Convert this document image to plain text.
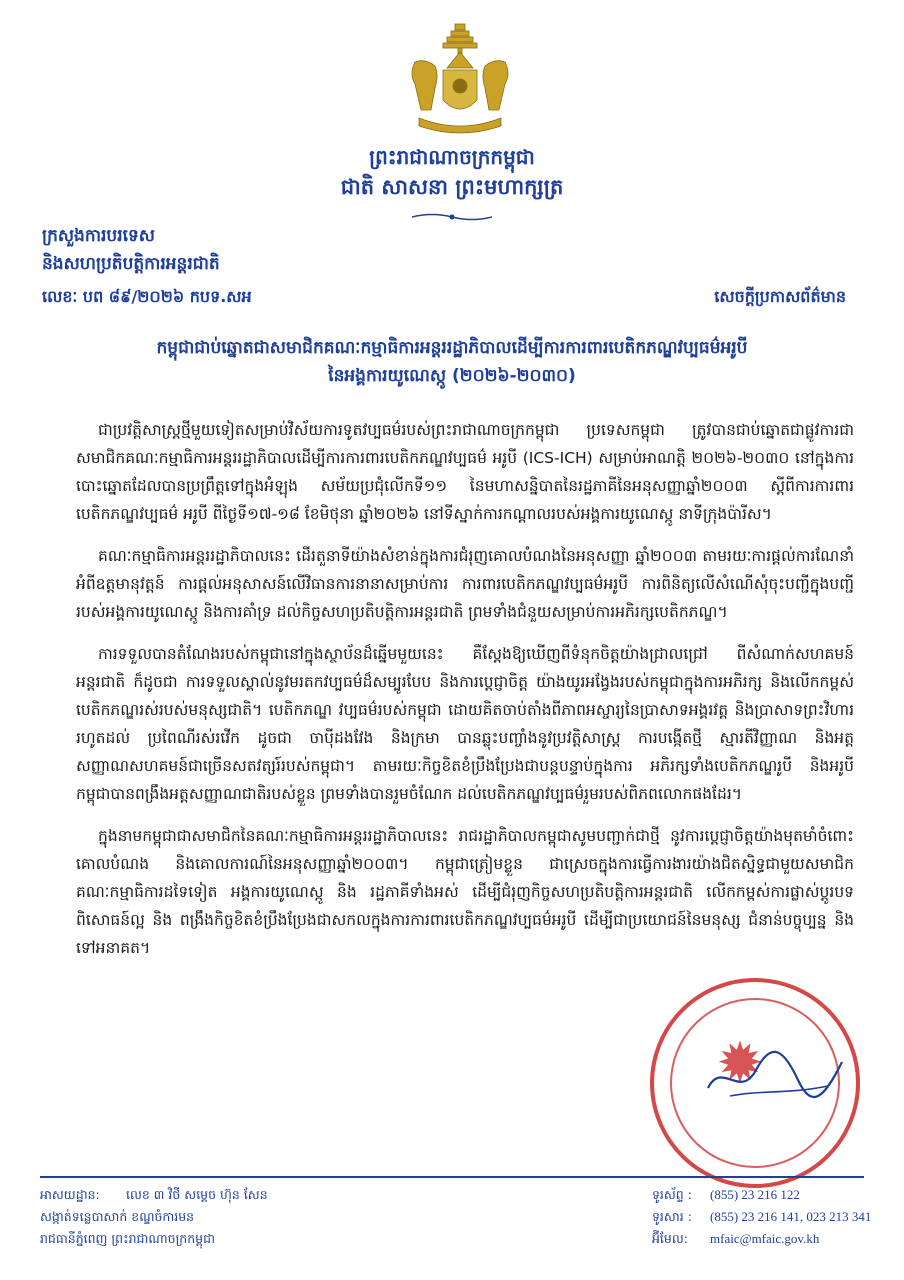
ព្រះរាជាណាចក្រកម្ពុជា
ជាតិ សាសនា ព្រះមហាក្សត្រ
ក្រសួងការបរទេស
និងសហប្រតិបត្តិការអន្តរជាតិ
លេខៈ បព ៨៩/២០២៦ កបទ.សអ	សេចក្តីប្រកាសព័ត៌មាន
កម្ពុជាជាប់ឆ្នោតជាសមាជិកគណៈកម្មាធិការអន្តររដ្ឋាភិបាលដើម្បីការការពារបេតិកភណ្ឌវប្បធម៌អរូបី
នៃអង្គការយូណេស្កូ (២០២៦-២០៣០)

ជាប្រវត្តិសាស្ត្រថ្មីមួយទៀតសម្រាប់វិស័យការទូតវប្បធម៌របស់ព្រះរាជាណាចក្រកម្ពុជា ប្រទេសកម្ពុជា ត្រូវបានជាប់ឆ្នោតជាផ្លូវការជាសមាជិកគណៈកម្មាធិការអន្តររដ្ឋាភិបាលដើម្បីការការពារបេតិកភណ្ឌវប្បធម៌ អរូបី (ICS-ICH) សម្រាប់អាណត្តិ ២០២៦-២០៣០ នៅក្នុងការបោះឆ្នោតដែលបានប្រព្រឹត្តទៅក្នុងអំឡុង សម័យប្រជុំលើកទី១១ នៃមហាសន្និបាតនៃរដ្ឋភាគីនៃអនុសញ្ញាឆ្នាំ២០០៣ ស្តីពីការការពារបេតិកភណ្ឌវប្បធម៌ អរូបី ពីថ្ងៃទី១៧-១៨ ខែមិថុនា ឆ្នាំ២០២៦ នៅទីស្នាក់ការកណ្តាលរបស់អង្គការយូណេស្កូ នាទីក្រុងប៉ារីស។

គណៈកម្មាធិការអន្តររដ្ឋាភិបាលនេះ ដើរតួនាទីយ៉ាងសំខាន់ក្នុងការជំរុញគោលបំណងនៃអនុសញ្ញា ឆ្នាំ២០០៣ តាមរយៈការផ្តល់ការណែនាំអំពីឧត្តមានុវត្តន៍ ការផ្តល់អនុសាសន៍លើវិធានការនានាសម្រាប់ការ ការពារបេតិកភណ្ឌវប្បធម៌អរូបី ការពិនិត្យលើសំណើសុំចុះបញ្ជីក្នុងបញ្ជីរបស់អង្គការយូណេស្កូ និងការគាំទ្រ ដល់កិច្ចសហប្រតិបត្តិការអន្តរជាតិ ព្រមទាំងជំនួយសម្រាប់ការអភិរក្សបេតិកភណ្ឌ។

ការទទួលបានតំណែងរបស់កម្ពុជានៅក្នុងស្ថាប័នដ៏ឆ្នើមមួយនេះ គឺស្តែងឱ្យឃើញពីទំនុកចិត្តយ៉ាងជ្រាលជ្រៅ ពីសំណាក់សហគមន៍អន្តរជាតិ ក៏ដូចជា ការទទួលស្គាល់នូវមរតកវប្បធម៌ដ៏សម្បូរបែប និងការប្តេជ្ញាចិត្ត យ៉ាងយូរអង្វែងរបស់កម្ពុជាក្នុងការអភិរក្ស និងលើកកម្ពស់បេតិកភណ្ឌរស់របស់មនុស្សជាតិ។ បេតិកភណ្ឌ វប្បធម៌របស់កម្ពុជា ដោយគិតចាប់តាំងពីភាពអស្ចារ្យនៃប្រាសាទអង្គរវត្ត និងប្រាសាទព្រះវិហារ រហូតដល់ ប្រពៃណីរស់រវើក ដូចជា ចាប៉ីដងវែង និងក្រមា បានឆ្លុះបញ្ចាំងនូវប្រវត្តិសាស្ត្រ ការបង្កើតថ្មី ស្មារតីវិញ្ញាណ និងអត្តសញ្ញាណសហគមន៍ជាច្រើនសតវត្សរ៍របស់កម្ពុជា។ តាមរយៈកិច្ចខិតខំប្រឹងប្រែងជាបន្តបន្ទាប់ក្នុងការ អភិរក្សទាំងបេតិកភណ្ឌរូបី និងអរូបី កម្ពុជាបានពង្រឹងអត្តសញ្ញាណជាតិរបស់ខ្លួន ព្រមទាំងបានរួមចំណែក ដល់បេតិកភណ្ឌវប្បធម៌រួមរបស់ពិភពលោកផងដែរ។

ក្នុងនាមកម្ពុជាជាសមាជិកនៃគណៈកម្មាធិការអន្តររដ្ឋាភិបាលនេះ រាជរដ្ឋាភិបាលកម្ពុជាសូមបញ្ជាក់ជាថ្មី នូវការប្តេជ្ញាចិត្តយ៉ាងមុតមាំចំពោះគោលបំណង និងគោលការណ៍នៃអនុសញ្ញាឆ្នាំ២០០៣។ កម្ពុជាត្រៀមខ្លួន ជាស្រេចក្នុងការធ្វើការងារយ៉ាងជិតស្និទ្ធជាមួយសមាជិកគណៈកម្មាធិការដទៃទៀត អង្គការយូណេស្កូ និង រដ្ឋភាគីទាំងអស់ ដើម្បីជំរុញកិច្ចសហប្រតិបត្តិការអន្តរជាតិ លើកកម្ពស់ការផ្លាស់ប្តូរបទពិសោធន៍ល្អ និង ពង្រឹងកិច្ចខិតខំប្រឹងប្រែងជាសកលក្នុងការការពារបេតិកភណ្ឌវប្បធម៌អរូបី ដើម្បីជាប្រយោជន៍នៃមនុស្ស ជំនាន់បច្ចុប្បន្ន និងទៅអនាគត។

✹
អាសយដ្ឋាន: លេខ ៣ វិថី សម្តេច ហ៊ុន សែន
សង្កាត់ទន្លេបាសាក់ ខណ្ឌចំការមន
រាជធានីភ្នំពេញ ព្រះរាជាណាចក្រកម្ពុជា
ទូរស័ព្ទ : (855) 23 216 122
ទូរសារ : (855) 23 216 141, 023 213 341
អ៊ីមែល: mfaic@mfaic.gov.kh
